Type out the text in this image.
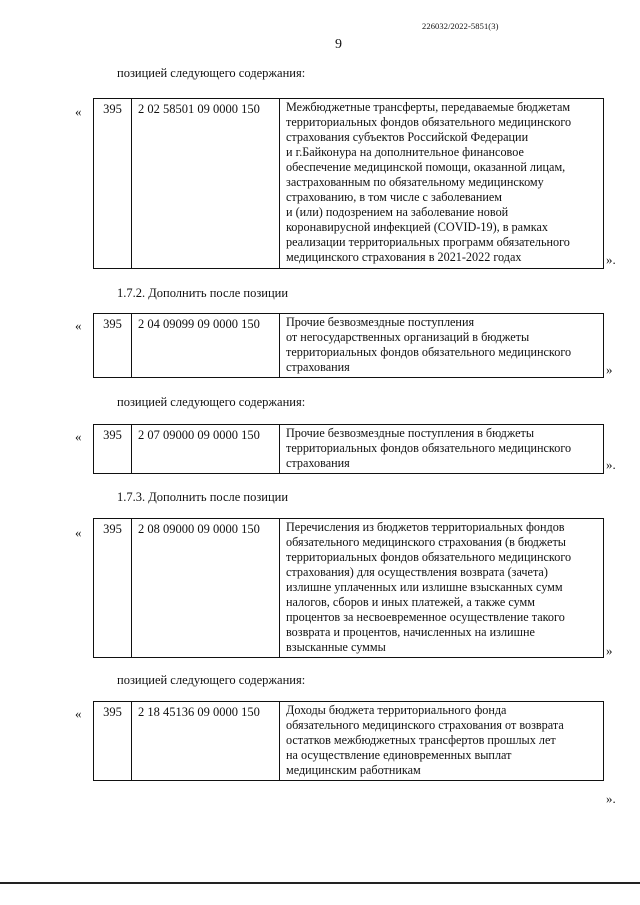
226032/2022-5851(3)
9
позицией следующего содержания:
«	395	2 02 58501 09 0000 150	Межбюджетные трансферты, передаваемые бюджетам
территориальных фондов обязательного медицинского
страхования субъектов Российской Федерации
и г.Байконура на дополнительное финансовое
обеспечение медицинской помощи, оказанной лицам,
застрахованным по обязательному медицинскому
страхованию, в том числе с заболеванием
и (или) подозрением на заболевание новой
коронавирусной инфекцией (COVID-19), в рамках
реализации территориальных программ обязательного
медицинского страхования в 2021-2022 годах	».
1.7.2. Дополнить после позиции
«	395	2 04 09099 09 0000 150	Прочие безвозмездные поступления
от негосударственных организаций в бюджеты
территориальных фондов обязательного медицинского
страхования	»
позицией следующего содержания:
«	395	2 07 09000 09 0000 150	Прочие безвозмездные поступления в бюджеты
территориальных фондов обязательного медицинского
страхования	».
1.7.3. Дополнить после позиции
«	395	2 08 09000 09 0000 150	Перечисления из бюджетов территориальных фондов
обязательного медицинского страхования (в бюджеты
территориальных фондов обязательного медицинского
страхования) для осуществления возврата (зачета)
излишне уплаченных или излишне взысканных сумм
налогов, сборов и иных платежей, а также сумм
процентов за несвоевременное осуществление такого
возврата и процентов, начисленных на излишне
взысканные суммы	»
позицией следующего содержания:
«	395	2 18 45136 09 0000 150	Доходы бюджета территориального фонда
обязательного медицинского страхования от возврата
остатков межбюджетных трансфертов прошлых лет
на осуществление единовременных выплат
медицинским работникам
».
